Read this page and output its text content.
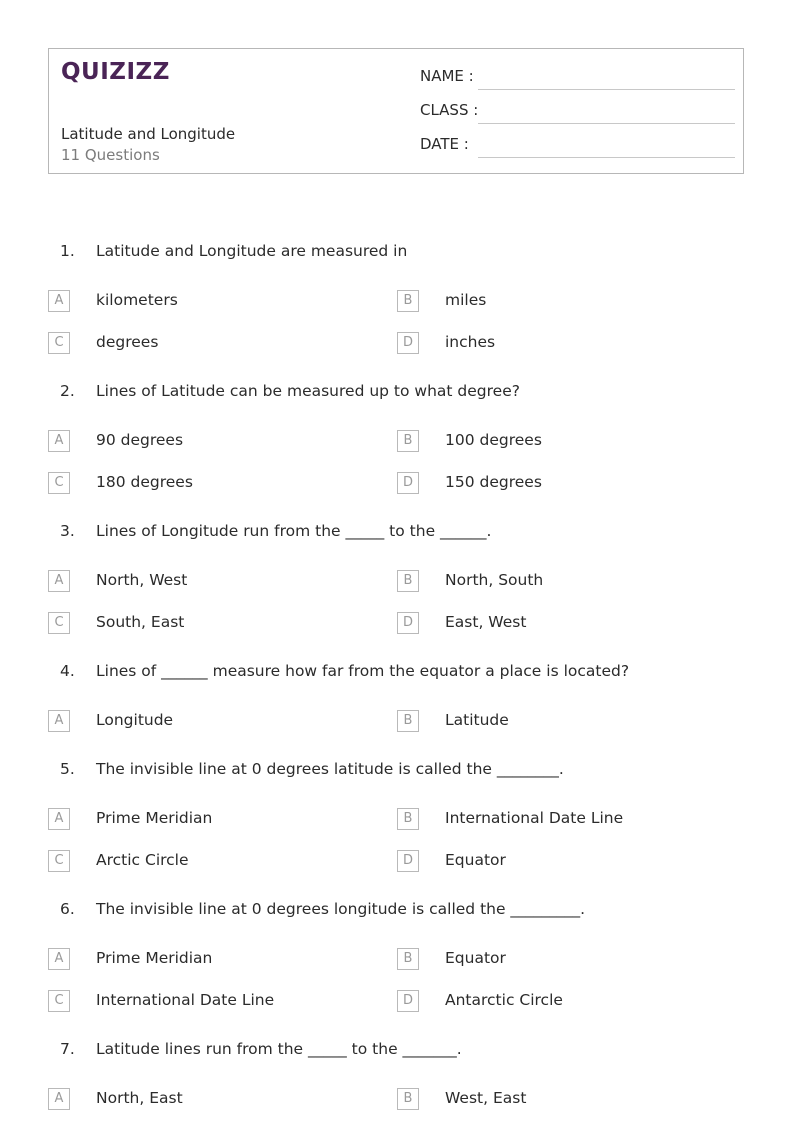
QUIZIZZ
Latitude and Longitude
11 Questions
NAME :
CLASS :
DATE :
1. Latitude and Longitude are measured in
A	kilometers	B	miles
C	degrees	D	inches
2. Lines of Latitude can be measured up to what degree?
A	90 degrees	B	100 degrees
C	180 degrees	D	150 degrees
3. Lines of Longitude run from the _____ to the ______.
A	North, West	B	North, South
C	South, East	D	East, West
4. Lines of ______ measure how far from the equator a place is located?
A	Longitude	B	Latitude
5. The invisible line at 0 degrees latitude is called the ________.
A	Prime Meridian	B	International Date Line
C	Arctic Circle	D	Equator
6. The invisible line at 0 degrees longitude is called the _________.
A	Prime Meridian	B	Equator
C	International Date Line	D	Antarctic Circle
7. Latitude lines run from the _____ to the _______.
A	North, East	B	West, East
